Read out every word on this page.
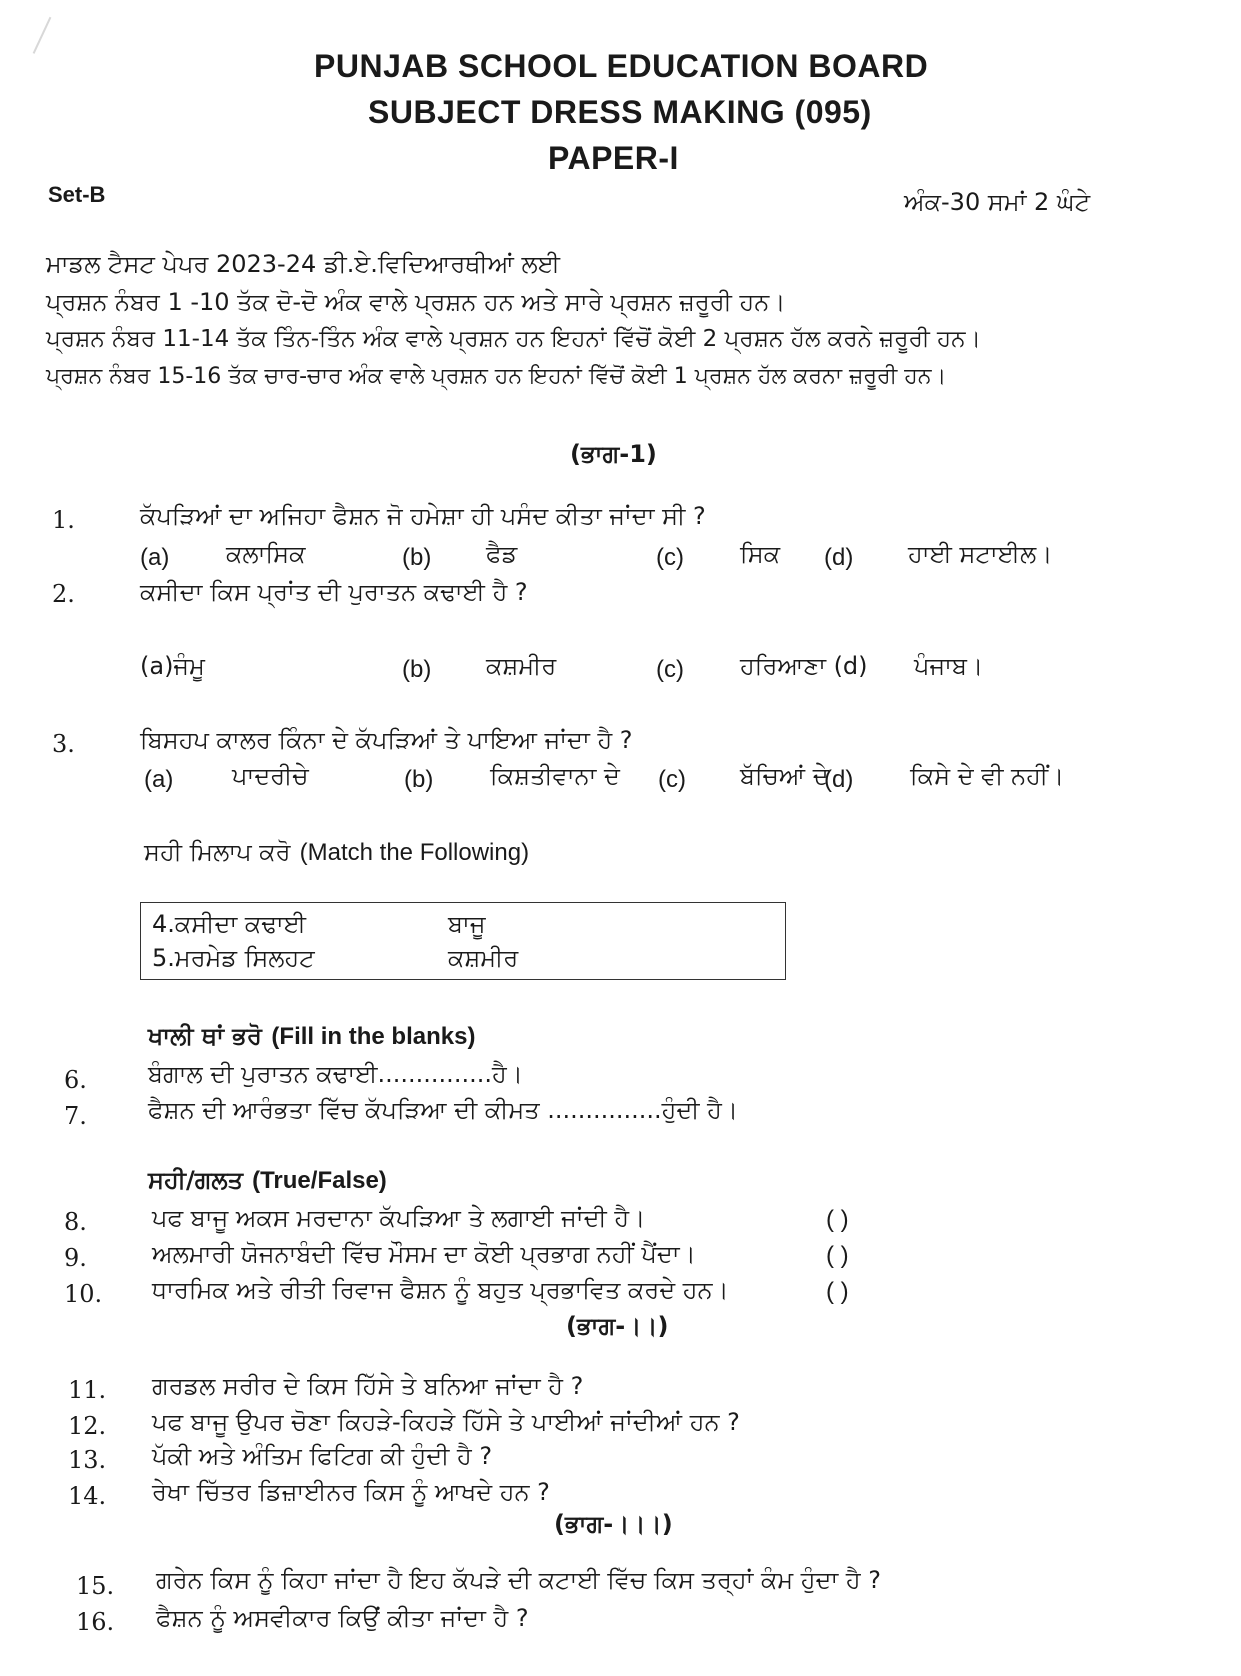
PUNJAB SCHOOL EDUCATION BOARD
SUBJECT DRESS MAKING (095)
PAPER-I
Set-B	ਅੰਕ-30 ਸਮਾਂ 2 ਘੰਟੇ
ਮਾਡਲ ਟੈਸਟ ਪੇਪਰ 2023-24 ਡੀ.ਏ.ਵਿਦਿਆਰਥੀਆਂ ਲਈ
ਪ੍ਰਸ਼ਨ ਨੰਬਰ 1 -10 ਤੱਕ ਦੋ-ਦੋ ਅੰਕ ਵਾਲੇ ਪ੍ਰਸ਼ਨ ਹਨ ਅਤੇ ਸਾਰੇ ਪ੍ਰਸ਼ਨ ਜ਼ਰੂਰੀ ਹਨ।
ਪ੍ਰਸ਼ਨ ਨੰਬਰ 11-14 ਤੱਕ ਤਿੰਨ-ਤਿੰਨ ਅੰਕ ਵਾਲੇ ਪ੍ਰਸ਼ਨ ਹਨ ਇਹਨਾਂ ਵਿੱਚੋਂ ਕੋਈ 2 ਪ੍ਰਸ਼ਨ ਹੱਲ ਕਰਨੇ ਜ਼ਰੂਰੀ ਹਨ।
ਪ੍ਰਸ਼ਨ ਨੰਬਰ 15-16 ਤੱਕ ਚਾਰ-ਚਾਰ ਅੰਕ ਵਾਲੇ ਪ੍ਰਸ਼ਨ ਹਨ ਇਹਨਾਂ ਵਿੱਚੋਂ ਕੋਈ 1 ਪ੍ਰਸ਼ਨ ਹੱਲ ਕਰਨਾ ਜ਼ਰੂਰੀ ਹਨ।
(ਭਾਗ-1)
1.	ਕੱਪੜਿਆਂ ਦਾ ਅਜਿਹਾ ਫੈਸ਼ਨ ਜੋ ਹਮੇਸ਼ਾ ਹੀ ਪਸੰਦ ਕੀਤਾ ਜਾਂਦਾ ਸੀ ?
(a) ਕਲਾਸਿਕ	(b) ਫੈਡ	(c) ਸਿਕ (d) ਹਾਈ ਸਟਾਈਲ।
2.	ਕਸੀਦਾ ਕਿਸ ਪ੍ਰਾਂਤ ਦੀ ਪੁਰਾਤਨ ਕਢਾਈ ਹੈ ?
(a)ਜੰਮੂ	(b) ਕਸ਼ਮੀਰ	(c) ਹਰਿਆਣਾ (d) ਪੰਜਾਬ।
3.	ਬਿਸਹਪ ਕਾਲਰ ਕਿੰਨਾ ਦੇ ਕੱਪੜਿਆਂ ਤੇ ਪਾਇਆ ਜਾਂਦਾ ਹੈ ?
(a) ਪਾਦਰੀਚੇ	(b) ਕਿਸ਼ਤੀਵਾਨਾ ਦੇ (c) ਬੱਚਿਆਂ ਦੇ
(d) ਕਿਸੇ ਦੇ ਵੀ ਨਹੀਂ।
ਸਹੀ ਮਿਲਾਪ ਕਰੋ (Match the Following)
4.ਕਸੀਦਾ ਕਢਾਈ	ਬਾਜੂ
5.ਮਰਮੇਡ ਸਿਲਹਟ	ਕਸ਼ਮੀਰ
ਖਾਲੀ ਥਾਂ ਭਰੋ (Fill in the blanks)
6.	ਬੰਗਾਲ ਦੀ ਪੁਰਾਤਨ ਕਢਾਈ...............ਹੈ।
7.	ਫੈਸ਼ਨ ਦੀ ਆਰੰਭਤਾ ਵਿੱਚ ਕੱਪੜਿਆ ਦੀ ਕੀਮਤ ...............ਹੁੰਦੀ ਹੈ।
ਸਹੀ/ਗਲਤ (True/False)
8.	ਪਫ ਬਾਜੂ ਅਕਸ ਮਰਦਾਨਾ ਕੱਪੜਿਆ ਤੇ ਲਗਾਈ ਜਾਂਦੀ ਹੈ।	( )
9.	ਅਲਮਾਰੀ ਯੋਜਨਾਬੰਦੀ ਵਿੱਚ ਮੌਸਮ ਦਾ ਕੋਈ ਪ੍ਰਭਾਗ ਨਹੀਂ ਪੈਂਦਾ।	( )
10. ਧਾਰਮਿਕ ਅਤੇ ਰੀਤੀ ਰਿਵਾਜ ਫੈਸ਼ਨ ਨੂੰ ਬਹੁਤ ਪ੍ਰਭਾਵਿਤ ਕਰਦੇ ਹਨ।	( )
(ਭਾਗ-।।)
11. ਗਰਡਲ ਸਰੀਰ ਦੇ ਕਿਸ ਹਿੱਸੇ ਤੇ ਬਨਿਆ ਜਾਂਦਾ ਹੈ ?
12. ਪਫ ਬਾਜੂ ਉਪਰ ਚੋਣਾ ਕਿਹੜੇ-ਕਿਹੜੇ ਹਿੱਸੇ ਤੇ ਪਾਈਆਂ ਜਾਂਦੀਆਂ ਹਨ ?
13. ਪੱਕੀ ਅਤੇ ਅੰਤਿਮ ਫਿਟਿਗ ਕੀ ਹੁੰਦੀ ਹੈ ?
14. ਰੇਖਾ ਚਿੱਤਰ ਡਿਜ਼ਾਈਨਰ ਕਿਸ ਨੂੰ ਆਖਦੇ ਹਨ ?
(ਭਾਗ-।।।)
15. ਗਰੇਨ ਕਿਸ ਨੂੰ ਕਿਹਾ ਜਾਂਦਾ ਹੈ ਇਹ ਕੱਪੜੇ ਦੀ ਕਟਾਈ ਵਿੱਚ ਕਿਸ ਤਰ੍ਹਾਂ ਕੰਮ ਹੁੰਦਾ ਹੈ ?
16. ਫੈਸ਼ਨ ਨੂੰ ਅਸਵੀਕਾਰ ਕਿਉਂ ਕੀਤਾ ਜਾਂਦਾ ਹੈ ?
